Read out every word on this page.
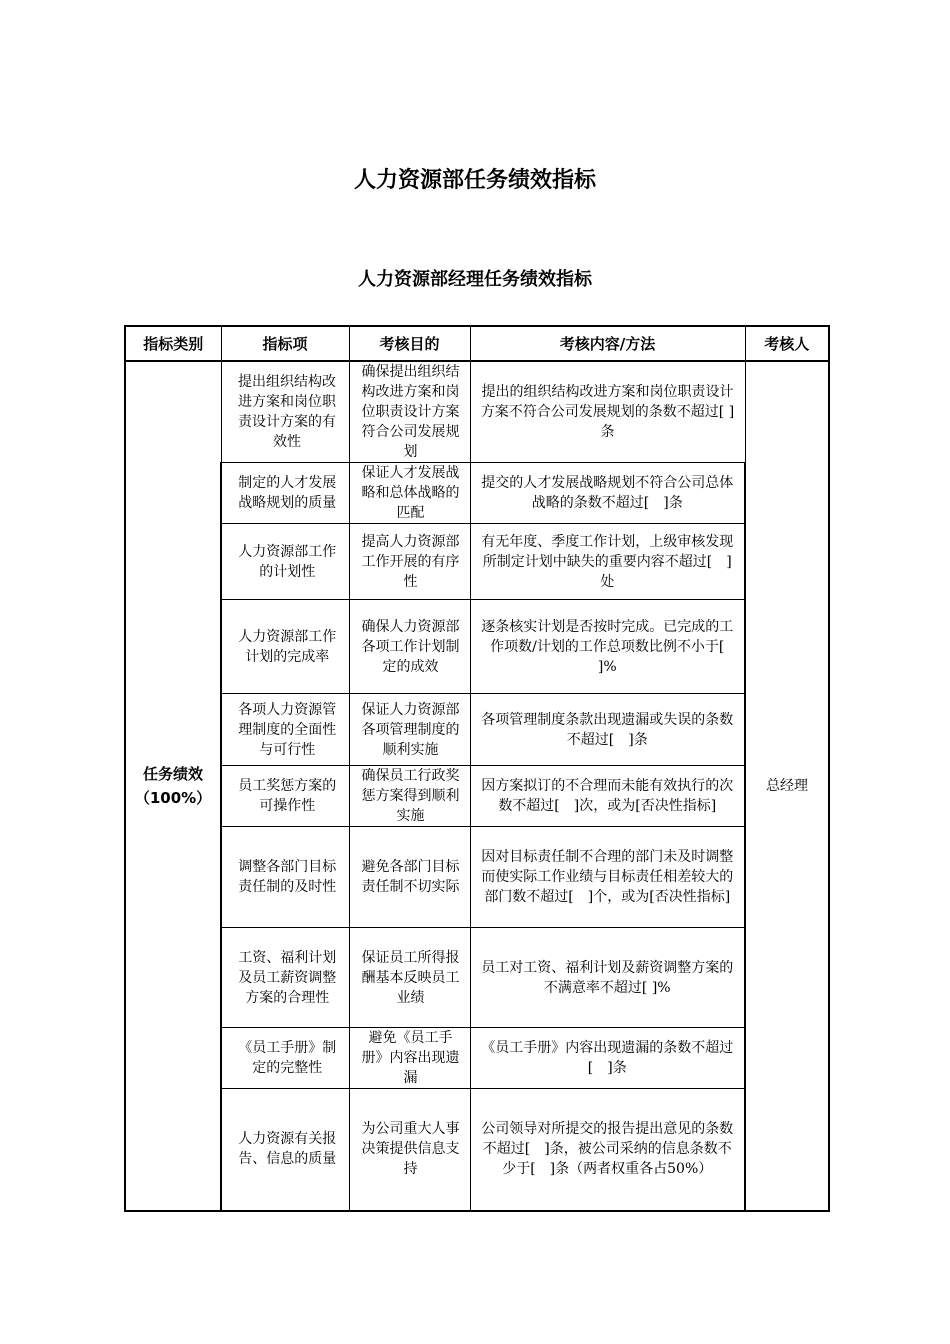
人力资源部任务绩效指标
人力资源部经理任务绩效指标
指标类别	指标项	考核目的	考核内容/方法	考核人

任务绩效
（100%）	提出组织结构改进方案和岗位职责设计方案的有效性	确保提出组织结构改进方案和岗位职责设计方案符合公司发展规划	提出的组织结构改进方案和岗位职责设计方案不符合公司发展规划的条数不超过[ ]条	总经理
	制定的人才发展战略规划的质量	保证人才发展战略和总体战略的匹配	提交的人才发展战略规划不符合公司总体战略的条数不超过[　]条	
	人力资源部工作的计划性	提高人力资源部工作开展的有序性	有无年度、季度工作计划，上级审核发现所制定计划中缺失的重要内容不超过[　]处	
	人力资源部工作计划的完成率	确保人力资源部各项工作计划制定的成效	逐条核实计划是否按时完成。已完成的工作项数/计划的工作总项数比例不小于[ ]%	
	各项人力资源管理制度的全面性与可行性	保证人力资源部各项管理制度的顺利实施	各项管理制度条款出现遗漏或失误的条数不超过[　]条	
	员工奖惩方案的可操作性	确保员工行政奖惩方案得到顺利实施	因方案拟订的不合理而未能有效执行的次数不超过[　]次，或为[否决性指标]	
	调整各部门目标责任制的及时性	避免各部门目标责任制不切实际	因对目标责任制不合理的部门未及时调整而使实际工作业绩与目标责任相差较大的部门数不超过[　]个，或为[否决性指标]	
	工资、福利计划及员工薪资调整方案的合理性	保证员工所得报酬基本反映员工业绩	员工对工资、福利计划及薪资调整方案的不满意率不超过[ ]%	
	《员工手册》制定的完整性	避免《员工手册》内容出现遗漏	《员工手册》内容出现遗漏的条数不超过[　]条	
	人力资源有关报告、信息的质量	为公司重大人事决策提供信息支持	公司领导对所提交的报告提出意见的条数不超过[　]条，被公司采纳的信息条数不少于[　]条（两者权重各占50%）	
